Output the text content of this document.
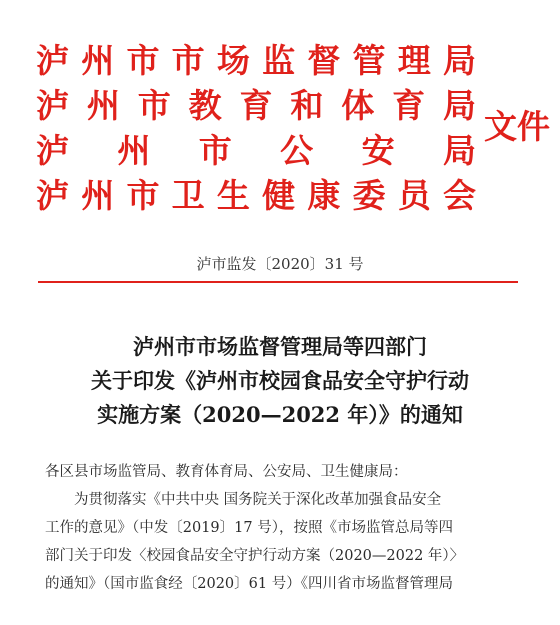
泸 州 市 市 场 监 督 管 理 局
泸 州 市 教 育 和 体 育 局
泸 州 市 公 安 局
泸 州 市 卫 生 健 康 委 员 会
文件
泸市监发〔2020〕31 号
泸州市市场监督管理局等四部门
关于印发《泸州市校园食品安全守护行动
实施方案（2020—2022 年）》的通知

各区县市场监管局、教育体育局、公安局、卫生健康局：

为贯彻落实《中共中央 国务院关于深化改革加强食品安全

工作的意见》（中发〔2019〕17 号），按照《市场监管总局等四

部门关于印发〈校园食品安全守护行动方案（2020—2022 年）〉

的通知》（国市监食经〔2020〕61 号）《四川省市场监督管理局
